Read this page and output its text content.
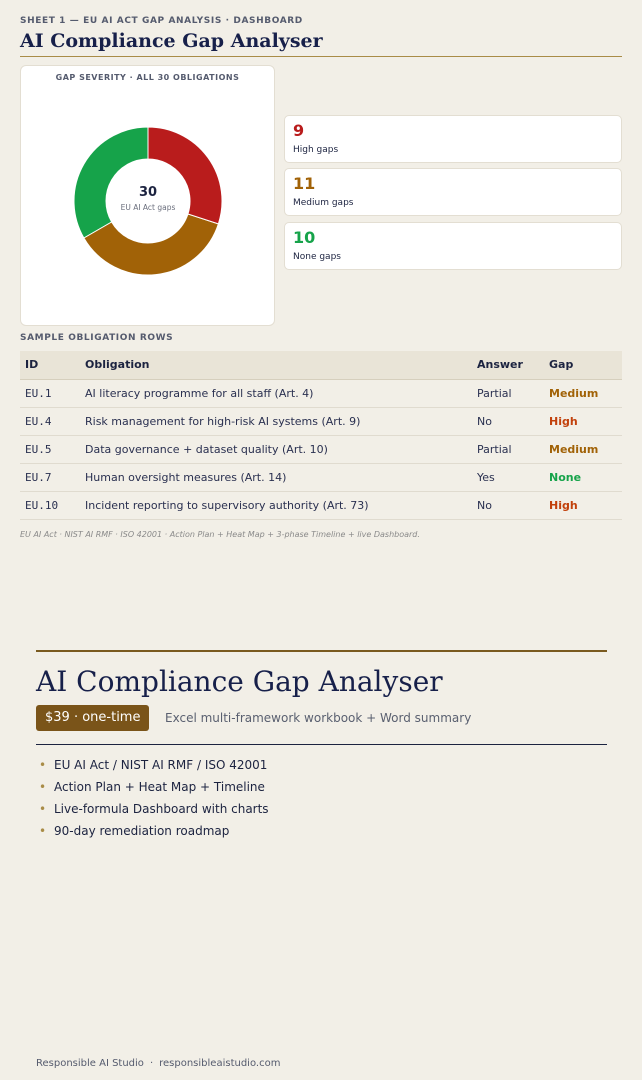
SHEET 1 — EU AI ACT GAP ANALYSIS · DASHBOARD
AI Compliance Gap Analyser
GAP SEVERITY · ALL 30 OBLIGATIONS
30
EU AI Act gaps
9
High gaps
11
Medium gaps
10
None gaps
SAMPLE OBLIGATION ROWS
ID	Obligation	Answer	Gap
EU.1	AI literacy programme for all staff (Art. 4)	Partial	Medium
EU.4	Risk management for high-risk AI systems (Art. 9)	No	High
EU.5	Data governance + dataset quality (Art. 10)	Partial	Medium
EU.7	Human oversight measures (Art. 14)	Yes	None
EU.10	Incident reporting to supervisory authority (Art. 73)	No	High
EU AI Act · NIST AI RMF · ISO 42001 · Action Plan + Heat Map + 3-phase Timeline + live Dashboard.
AI Compliance Gap Analyser
$39 · one-time	Excel multi-framework workbook + Word summary
• EU AI Act / NIST AI RMF / ISO 42001
• Action Plan + Heat Map + Timeline
• Live-formula Dashboard with charts
• 90-day remediation roadmap
Responsible AI Studio · responsibleaistudio.com
